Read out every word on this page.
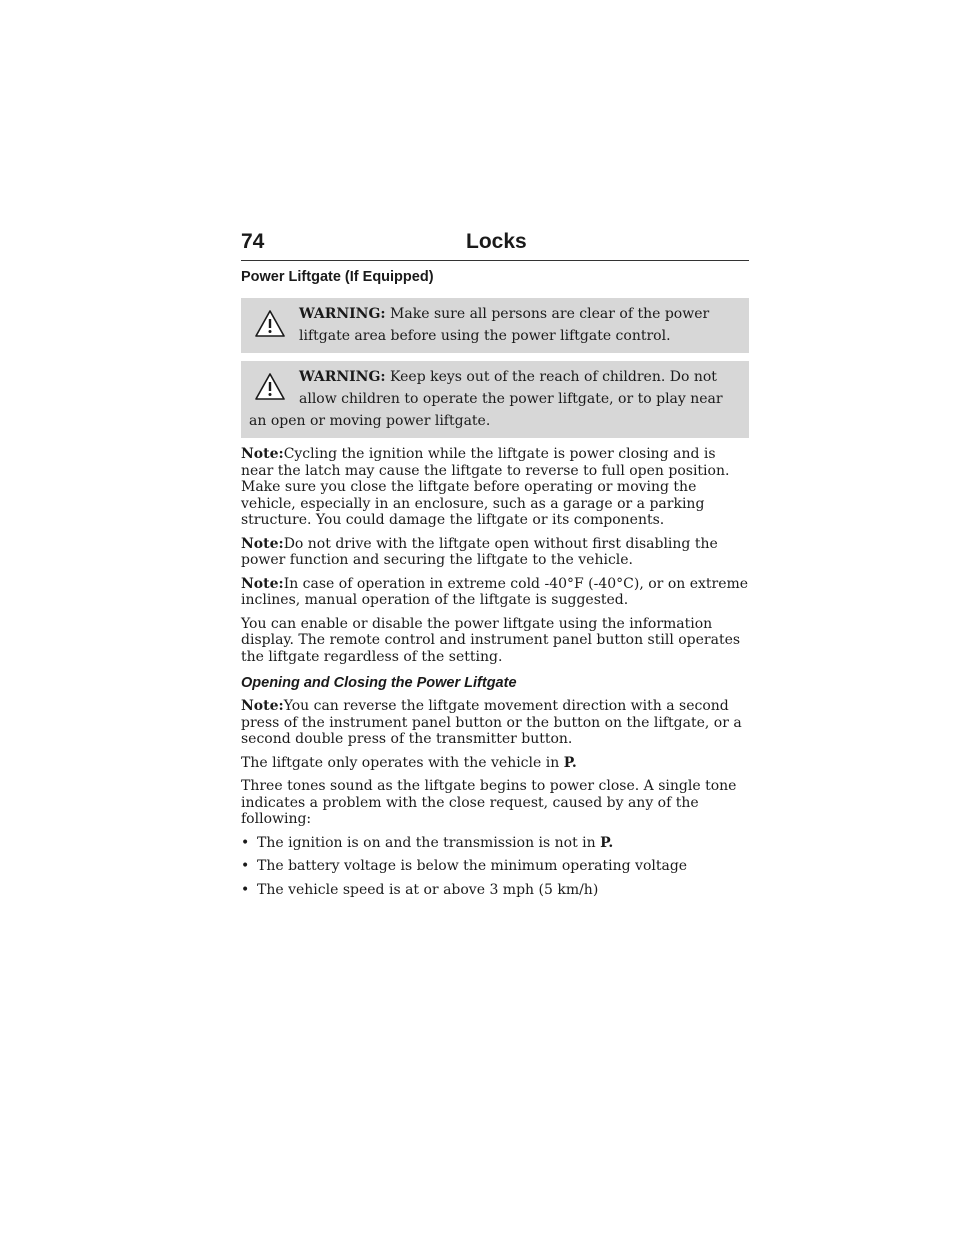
74	Locks
Power Liftgate (If Equipped)
WARNING: Make sure all persons are clear of the power liftgate area before using the power liftgate control.
WARNING: Keep keys out of the reach of children. Do not allow children to operate the power liftgate, or to play near an open or moving power liftgate.

Note:Cycling the ignition while the liftgate is power closing and is near the latch may cause the liftgate to reverse to full open position. Make sure you close the liftgate before operating or moving the vehicle, especially in an enclosure, such as a garage or a parking structure. You could damage the liftgate or its components.

Note:Do not drive with the liftgate open without first disabling the power function and securing the liftgate to the vehicle.

Note:In case of operation in extreme cold -40°F (-40°C), or on extreme inclines, manual operation of the liftgate is suggested.

You can enable or disable the power liftgate using the information display. The remote control and instrument panel button still operates the liftgate regardless of the setting.

Opening and Closing the Power Liftgate

Note:You can reverse the liftgate movement direction with a second press of the instrument panel button or the button on the liftgate, or a second double press of the transmitter button.

The liftgate only operates with the vehicle in P.

Three tones sound as the liftgate begins to power close. A single tone indicates a problem with the close request, caused by any of the following:

• The ignition is on and the transmission is not in P.
• The battery voltage is below the minimum operating voltage
• The vehicle speed is at or above 3 mph (5 km/h)
